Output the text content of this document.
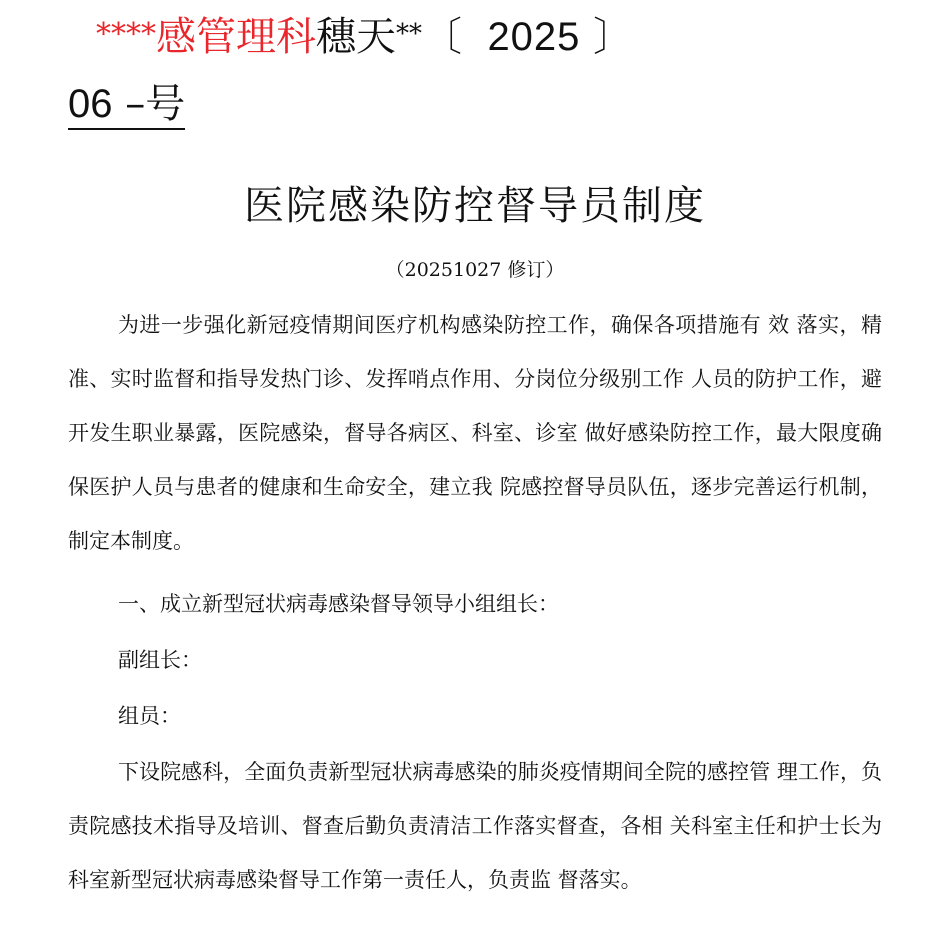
****感管理科穗天**〔 2025 〕
06 –号
医院感染防控督导员制度
（20251027 修订）

为进一步强化新冠疫情期间医疗机构感染防控工作，确保各项措施有 效 落实，精准、实时监督和指导发热门诊、发挥哨点作用、分岗位分级别工作 人员的防护工作，避开发生职业暴露，医院感染，督导各病区、科室、诊室 做好感染防控工作，最大限度确保医护人员与患者的健康和生命安全，建立我 院感控督导员队伍，逐步完善运行机制，制定本制度。

一、成立新型冠状病毒感染督导领导小组组长：
副组长：
组员：

下设院感科，全面负责新型冠状病毒感染的肺炎疫情期间全院的感控管 理工作，负责院感技术指导及培训、督查后勤负责清洁工作落实督查，各相 关科室主任和护士长为科室新型冠状病毒感染督导工作第一责任人，负责监 督落实。
